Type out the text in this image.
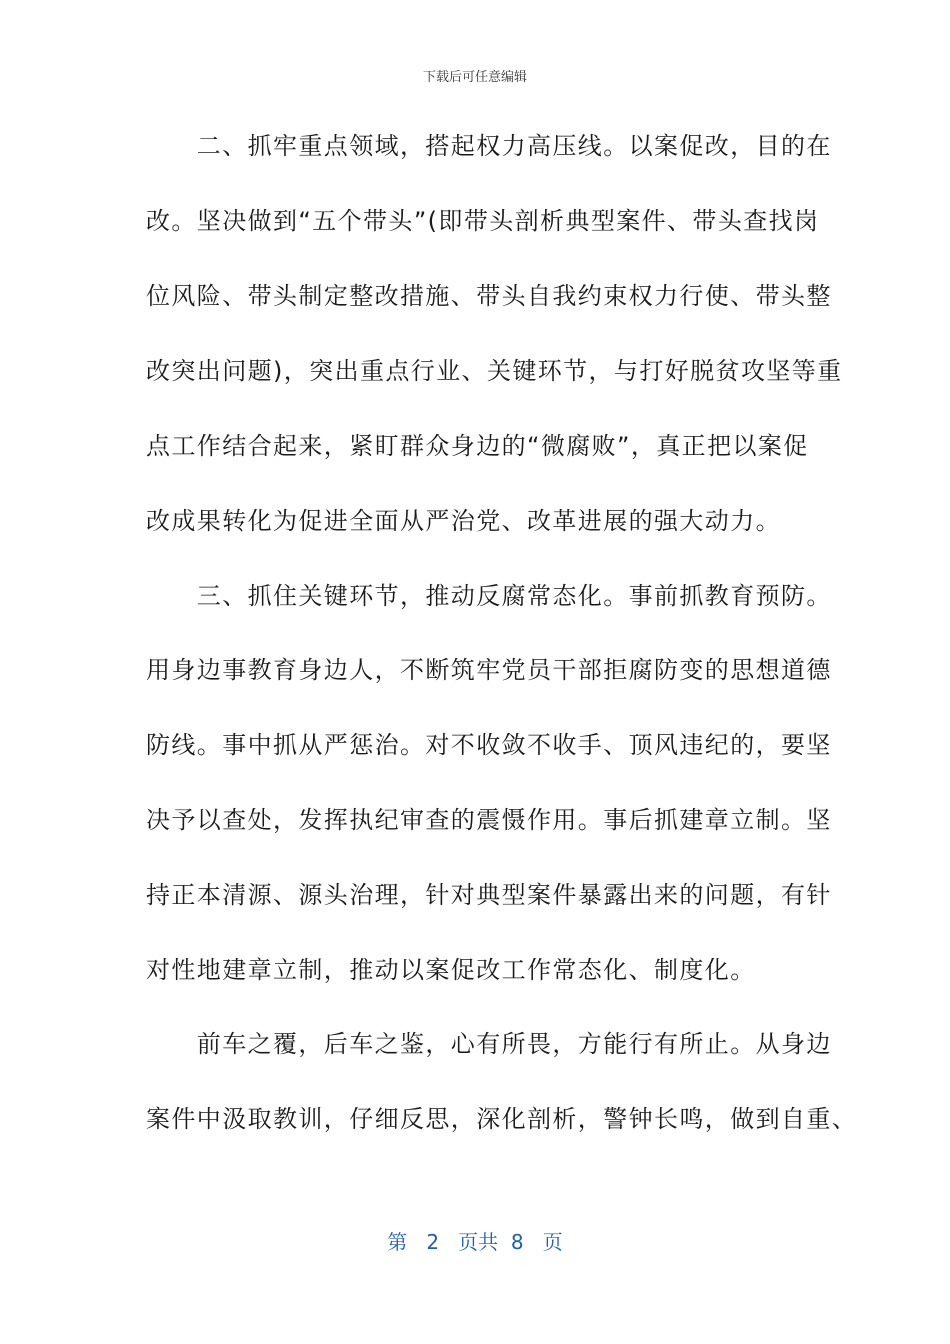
下载后可任意编辑
　　二、抓牢重点领域，搭起权力高压线。以案促改，目的在
改。坚决做到“五个带头”(即带头剖析典型案件、带头查找岗
位风险、带头制定整改措施、带头自我约束权力行使、带头整
改突出问题)，突出重点行业、关键环节，与打好脱贫攻坚等重
点工作结合起来，紧盯群众身边的“微腐败”，真正把以案促
改成果转化为促进全面从严治党、改革进展的强大动力。
　　三、抓住关键环节，推动反腐常态化。事前抓教育预防。
用身边事教育身边人，不断筑牢党员干部拒腐防变的思想道德
防线。事中抓从严惩治。对不收敛不收手、顶风违纪的，要坚
决予以查处，发挥执纪审查的震慑作用。事后抓建章立制。坚
持正本清源、源头治理，针对典型案件暴露出来的问题，有针
对性地建章立制，推动以案促改工作常态化、制度化。
　　前车之覆，后车之鉴，心有所畏，方能行有所止。从身边
案件中汲取教训，仔细反思，深化剖析，警钟长鸣，做到自重、
第 2 页共 8 页
